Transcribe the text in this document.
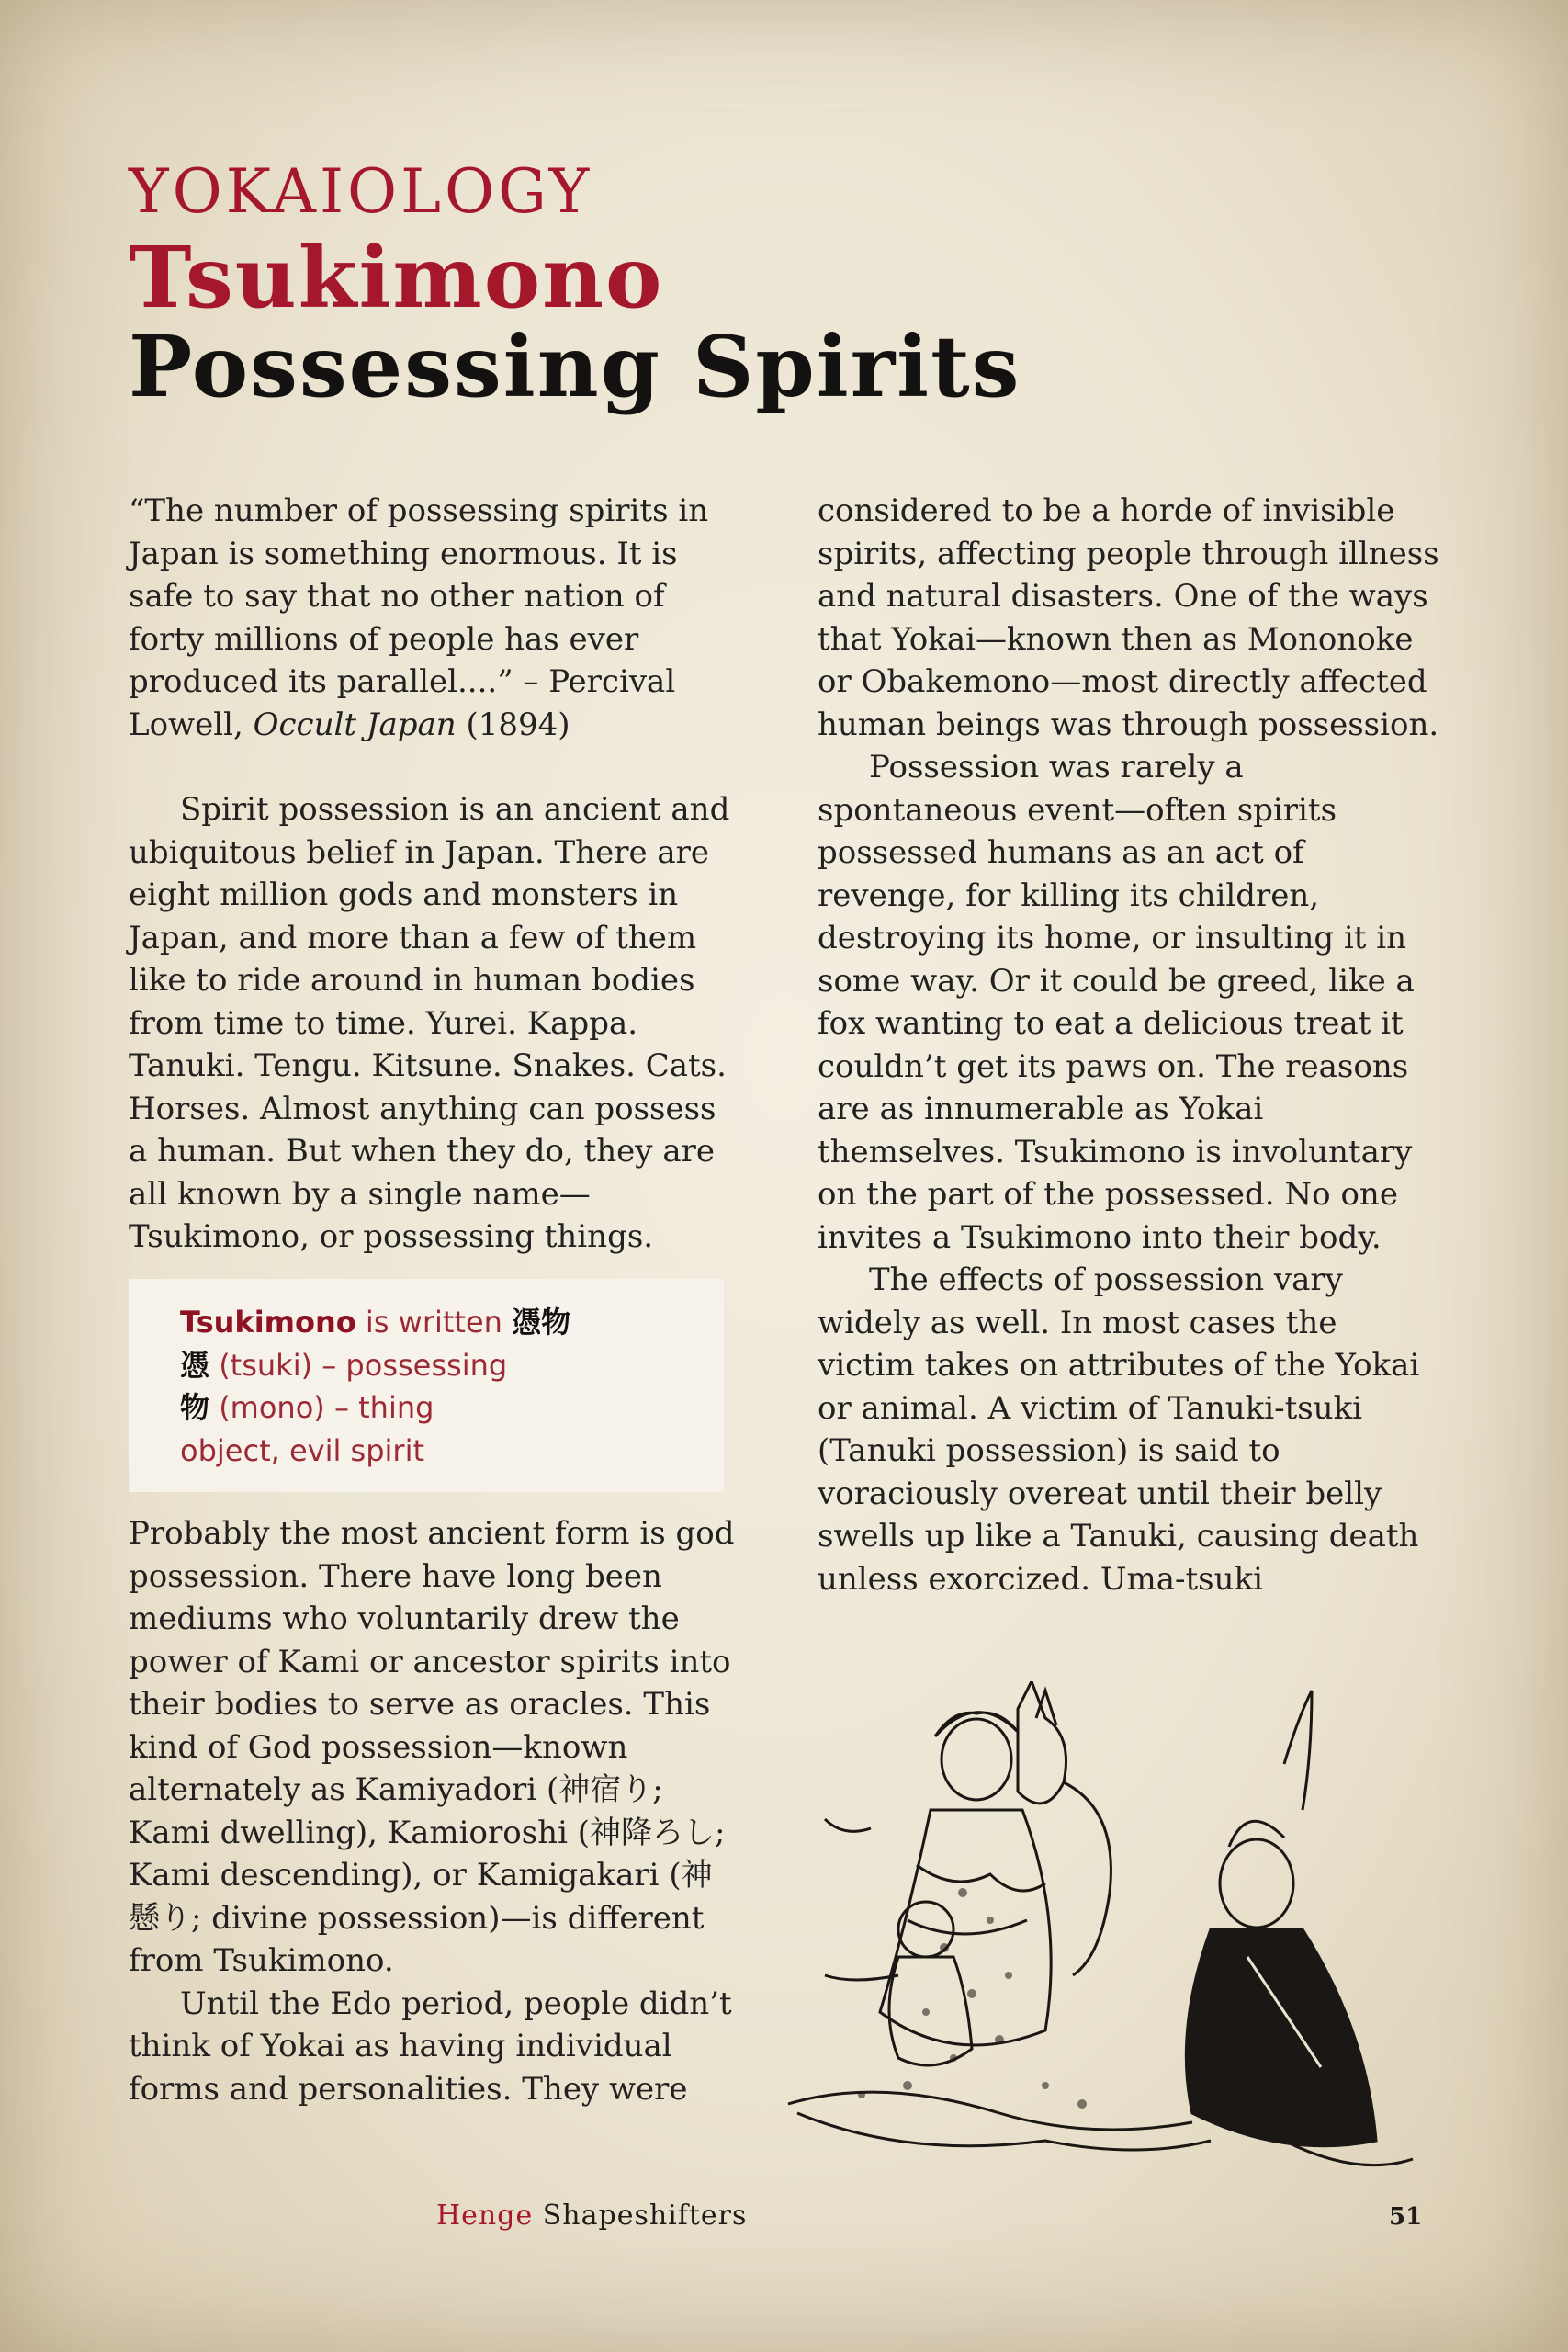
YOKAIOLOGY
Tsukimono
Possessing Spirits

“The number of possessing spirits in Japan is something enormous. It is safe to say that no other nation of forty millions of people has ever produced its parallel....” – Percival Lowell, Occult Japan (1894)

Spirit possession is an ancient and ubiquitous belief in Japan. There are eight million gods and monsters in Japan, and more than a few of them like to ride around in human bodies from time to time. Yurei. Kappa. Tanuki. Tengu. Kitsune. Snakes. Cats. Horses. Almost anything can possess a human. But when they do, they are all known by a single name—Tsukimono, or possessing things.

Tsukimono is written 憑物
憑 (tsuki) – possessing
物 (mono) – thing
object, evil spirit

Probably the most ancient form is god possession. There have long been mediums who voluntarily drew the power of Kami or ancestor spirits into their bodies to serve as oracles. This kind of God possession—known alternately as Kamiyadori (神宿り; Kami dwelling), Kamioroshi (神降ろし; Kami descending), or Kamigakari (神懸り; divine possession)—is different from Tsukimono.

Until the Edo period, people didn’t think of Yokai as having individual forms and personalities. They were

considered to be a horde of invisible spirits, affecting people through illness and natural disasters. One of the ways that Yokai—known then as Mononoke or Obakemono—most directly affected human beings was through possession.

Possession was rarely a spontaneous event—often spirits possessed humans as an act of revenge, for killing its children, destroying its home, or insulting it in some way. Or it could be greed, like a fox wanting to eat a delicious treat it couldn’t get its paws on. The reasons are as innumerable as Yokai themselves. Tsukimono is involuntary on the part of the possessed. No one invites a Tsukimono into their body.

The effects of possession vary widely as well. In most cases the victim takes on attributes of the Yokai or animal. A victim of Tanuki-tsuki (Tanuki possession) is said to voraciously overeat until their belly swells up like a Tanuki, causing death unless exorcized. Uma-tsuki

Henge Shapeshifters	51
